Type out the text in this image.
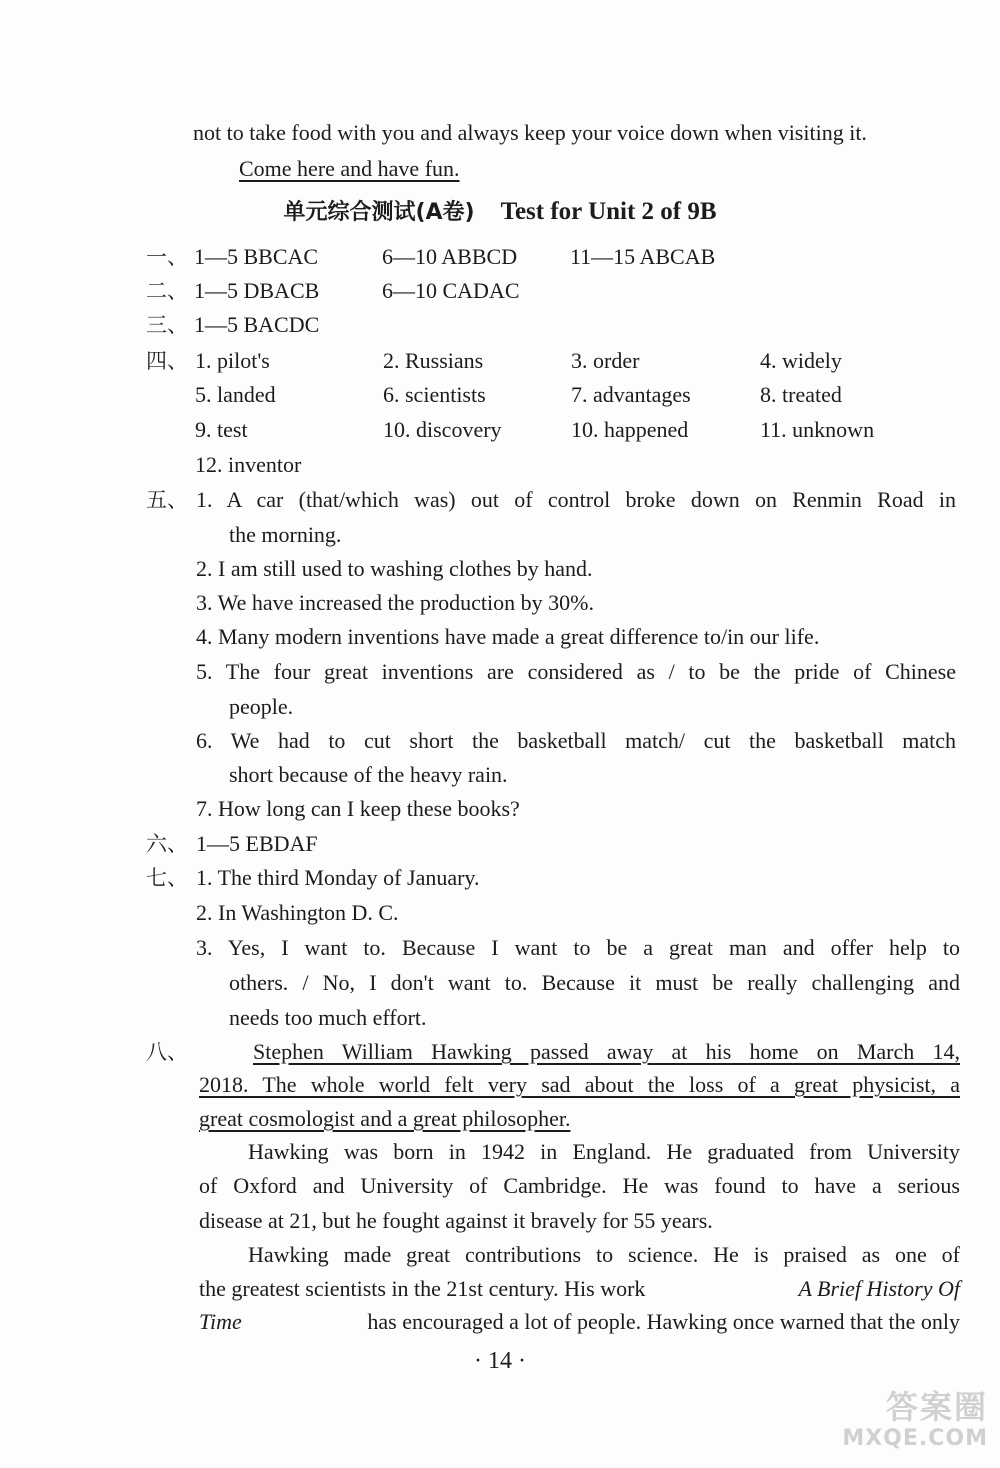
not to take food with you and always keep your voice down when visiting it.
Come here and have fun.
单元综合测试(A卷) Test for Unit 2 of 9B
一、 1—5 BBCAC	6—10 ABBCD 11—15 ABCAB
二、 1—5 DBACB	6—10 CADAC
三、 1—5 BACDC
四、 1. pilot's	2. Russians	3. order	4. widely
5. landed	6. scientists	7. advantages	8. treated
9. test	10. discovery	10. happened	11. unknown
12. inventor
五、 1. A car (that/which was) out of control broke down on Renmin Road in
the morning.
2. I am still used to washing clothes by hand.
3. We have increased the production by 30%.
4. Many modern inventions have made a great difference to/in our life.
5. The four great inventions are considered as / to be the pride of Chinese
people.
6. We had to cut short the basketball match/ cut the basketball match
short because of the heavy rain.
7. How long can I keep these books?
六、 1—5 EBDAF
七、 1. The third Monday of January.
2. In Washington D. C.
3. Yes, I want to. Because I want to be a great man and offer help to
others. / No, I don't want to. Because it must be really challenging and
needs too much effort.
八、	Stephen William Hawking passed away at his home on March 14,
2018. The whole world felt very sad about the loss of a great physicist, a
great cosmologist and a great philosopher.
Hawking was born in 1942 in England. He graduated from University
of Oxford and University of Cambridge. He was found to have a serious
disease at 21, but he fought against it bravely for 55 years.
Hawking made great contributions to science. He is praised as one of
the greatest scientists in the 21st century. His work	A Brief History Of
Time	has encouraged a lot of people. Hawking once warned that the only
· 14 ·
答案圈
MXQE.COM
